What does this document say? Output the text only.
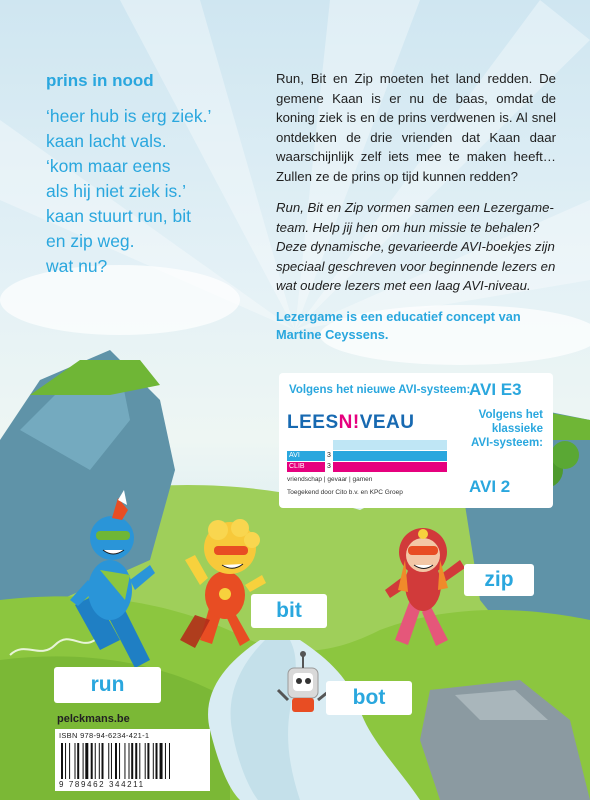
prins in nood
‘heer hub is erg ziek.’
kaan lacht vals.
‘kom maar eens
als hij niet ziek is.’
kaan stuurt run, bit
en zip weg.
wat nu?

Run, Bit en Zip moeten het land redden. De gemene Kaan is er nu de baas, omdat de koning ziek is en de prins verdwenen is. Al snel ontdekken de drie vrienden dat Kaan daar waarschijnlijk zelf iets mee te maken heeft… Zullen ze de prins op tijd kunnen redden?

Run, Bit en Zip vormen samen een Lezergame-team. Help jij hen om hun missie te behalen? Deze dynamische, gevarieerde AVI-boekjes zijn speciaal geschreven voor beginnende lezers en wat oudere lezers met een laag AVI-niveau.

Lezergame is een educatief concept van Martine Ceyssens.

Volgens het nieuwe AVI-systeem:
AVI E3
LEESN!VEAU
AVI	3
CLIB	3
vriendschap | gevaar | gamen
Toegekend door Cito b.v. en KPC Groep
Volgens het
klassieke
AVI-systeem:
AVI 2
zip
bit
bot
run
pelckmans.be
ISBN 978-94-6234-421-1
9 789462 344211
